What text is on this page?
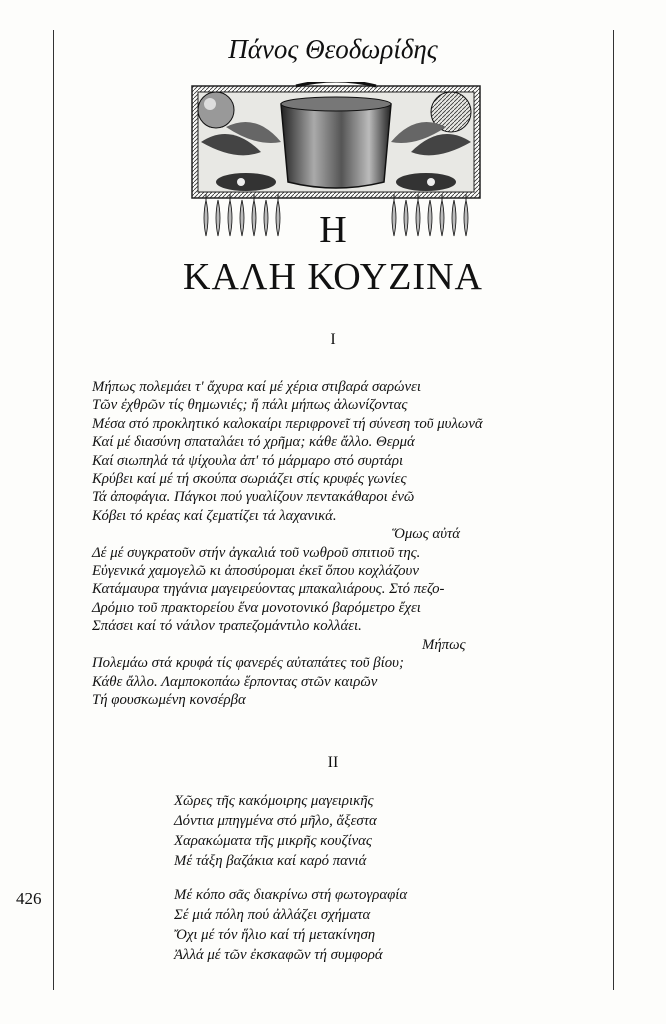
Πάνος Θεοδωρίδης
Η
ΚΑΛΗ ΚΟΥΖΙΝΑ
I
Μήπως πολεμάει τ' ἄχυρα καί μέ χέρια στιβαρά σαρώνει
Τῶν ἐχθρῶν τίς θημωνιές; ἤ πάλι μήπως ἁλωνίζοντας
Μέσα στό προκλητικό καλοκαίρι περιφρονεῖ τή σύνεση τοῦ μυλωνᾶ
Καί μέ διασύνη σπαταλάει τό χρῆμα; κάθε ἄλλο. Θερμά
Καί σιωπηλά τά ψίχουλα ἀπ' τό μάρμαρο στό συρτάρι
Κρύβει καί μέ τή σκούπα σωριάζει στίς κρυφές γωνίες
Τά ἀποφάγια. Πάγκοι πού γυαλίζουν πεντακάθαροι ἐνῶ
Κόβει τό κρέας καί ζεματίζει τά λαχανικά.
Ὅμως αὐτά
Δέ μέ συγκρατοῦν στήν ἀγκαλιά τοῦ νωθροῦ σπιτιοῦ της.
Εὐγενικά χαμογελῶ κι ἀποσύρομαι ἐκεῖ ὅπου κοχλάζουν
Κατάμαυρα τηγάνια μαγειρεύοντας μπακαλιάρους. Στό πεζο-
Δρόμιο τοῦ πρακτορείου ἕνα μονοτονικό βαρόμετρο ἔχει
Σπάσει καί τό νάιλον τραπεζομάντιλο κολλάει.
Μήπως
Πολεμάω στά κρυφά τίς φανερές αὐταπάτες τοῦ βίου;
Κάθε ἄλλο. Λαμποκοπάω ἕρποντας στῶν καιρῶν
Τή φουσκωμένη κονσέρβα
II
Χῶρες τῆς κακόμοιρης μαγειρικῆς
Δόντια μπηγμένα στό μῆλο, ἄξεστα
Χαρακώματα τῆς μικρῆς κουζίνας
Μέ τάξη βαζάκια καί καρό πανιά
Μέ κόπο σᾶς διακρίνω στή φωτογραφία
Σέ μιά πόλη πού ἀλλάζει σχήματα
Ὄχι μέ τόν ἥλιο καί τή μετακίνηση
Ἀλλά μέ τῶν ἐκσκαφῶν τή συμφορά
426
